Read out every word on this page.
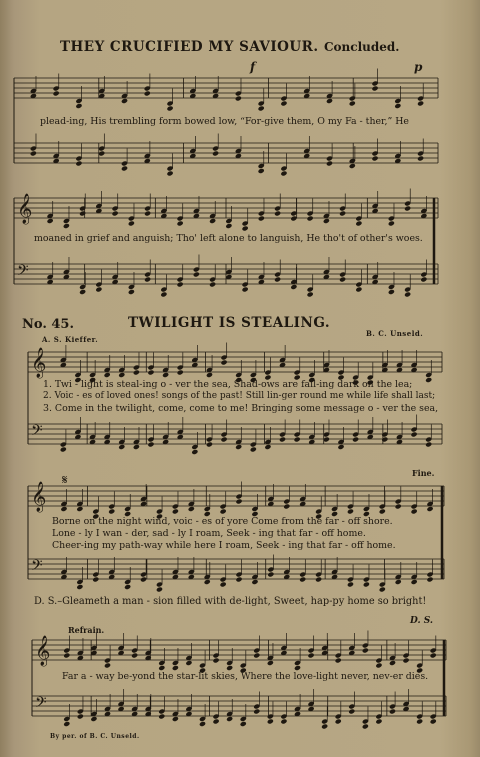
𝄞
𝄢
𝄞
𝄢
𝄞
𝄢
𝄞
𝄢
𝄋
THEY CRUCIFIED MY SAVIOUR. Concluded.
f	p
plead-ing, His trembling form bowed low, “For-give them, O my Fa - ther,” He
moaned in grief and anguish; Tho' left alone to languish, He tho't of other's woes.
No. 45.	TWILIGHT IS STEALING.
A. S. Kieffer.
B. C. Unseld.
1. Twi - light is steal-ing o - ver the sea, Shad-ows are fall-ing dark on the lea;
2. Voic - es of loved ones! songs of the past! Still lin-ger round me while life shall last;
3. Come in the twilight, come, come to me! Bringing some message o - ver the sea,
Fine.
Borne on the night wind, voic - es of yore Come from the far - off shore.
Lone - ly I wan - der, sad - ly I roam, Seek - ing that far - off home.
Cheer-ing my path-way while here I roam, Seek - ing that far - off home.
D. S.–Gleameth a man - sion filled with de-light, Sweet, hap-py home so bright!
Refrain.
D. S.
Far a - way be-yond the star-lit skies, Where the love-light never, nev-er dies.
By per. of B. C. Unseld.
